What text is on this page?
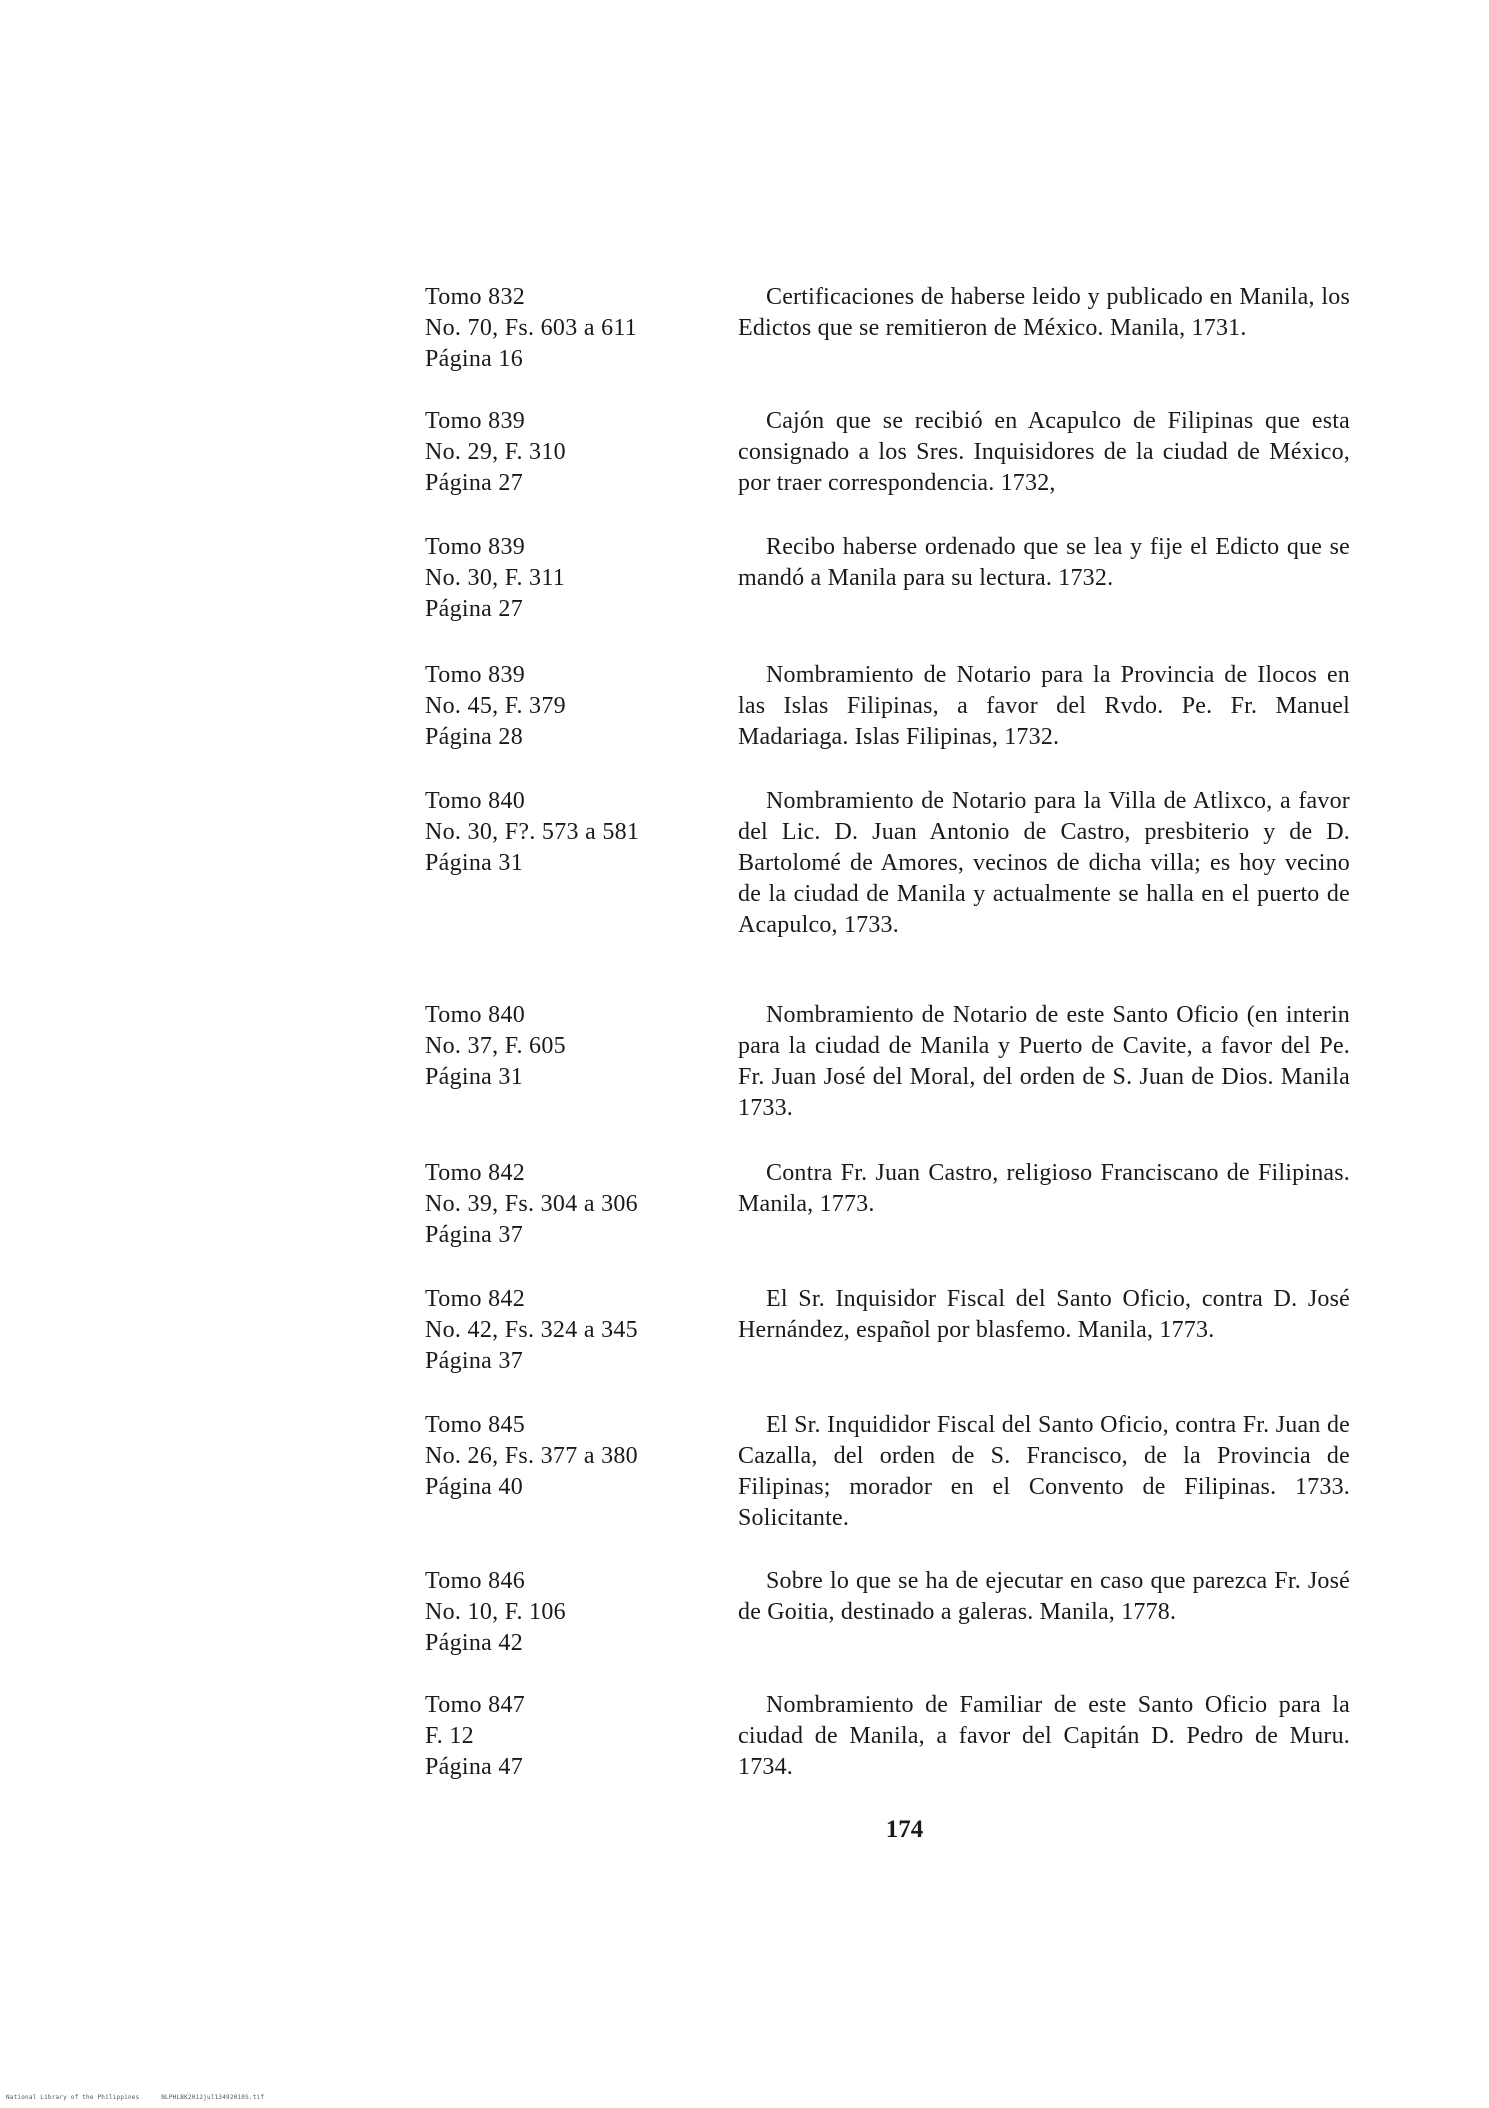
Tomo 832
No. 70, Fs. 603 a 611
Página 16
Certificaciones de haberse leido y publicado en Manila, los Edictos que se remitieron de México. Manila, 1731.
Tomo 839
No. 29, F. 310
Página 27
Cajón que se recibió en Acapulco de Filipinas que esta consignado a los Sres. Inquisidores de la ciudad de México, por traer correspondencia. 1732,
Tomo 839
No. 30, F. 311
Página 27
Recibo haberse ordenado que se lea y fije el Edicto que se mandó a Manila para su lectura. 1732.
Tomo 839
No. 45, F. 379
Página 28
Nombramiento de Notario para la Provincia de Ilocos en las Islas Filipinas, a favor del Rvdo. Pe. Fr. Manuel Madariaga. Islas Filipinas, 1732.
Tomo 840
No. 30, F?. 573 a 581
Página 31
Nombramiento de Notario para la Villa de Atlixco, a favor del Lic. D. Juan Antonio de Castro, presbiterio y de D. Bartolomé de Amores, vecinos de dicha villa; es hoy vecino de la ciudad de Manila y actualmente se halla en el puerto de Acapulco, 1733.
Tomo 840
No. 37, F. 605
Página 31
Nombramiento de Notario de este Santo Oficio (en interin para la ciudad de Manila y Puerto de Cavite, a favor del Pe. Fr. Juan José del Moral, del orden de S. Juan de Dios. Manila 1733.
Tomo 842
No. 39, Fs. 304 a 306
Página 37
Contra Fr. Juan Castro, religioso Franciscano de Filipinas. Manila, 1773.
Tomo 842
No. 42, Fs. 324 a 345
Página 37
El Sr. Inquisidor Fiscal del Santo Oficio, contra D. José Hernández, español por blasfemo. Manila, 1773.
Tomo 845
No. 26, Fs. 377 a 380
Página 40
El Sr. Inquididor Fiscal del Santo Oficio, contra Fr. Juan de Cazalla, del orden de S. Francisco, de la Provincia de Filipinas; morador en el Convento de Filipinas. 1733. Solicitante.
Tomo 846
No. 10, F. 106
Página 42
Sobre lo que se ha de ejecutar en caso que parezca Fr. José de Goitia, destinado a galeras. Manila, 1778.
Tomo 847
F. 12
Página 47
Nombramiento de Familiar de este Santo Oficio para la ciudad de Manila, a favor del Capitán D. Pedro de Muru. 1734.
174
National Library of the Philippines	NLPHLBK2012jul13492010S.tif
